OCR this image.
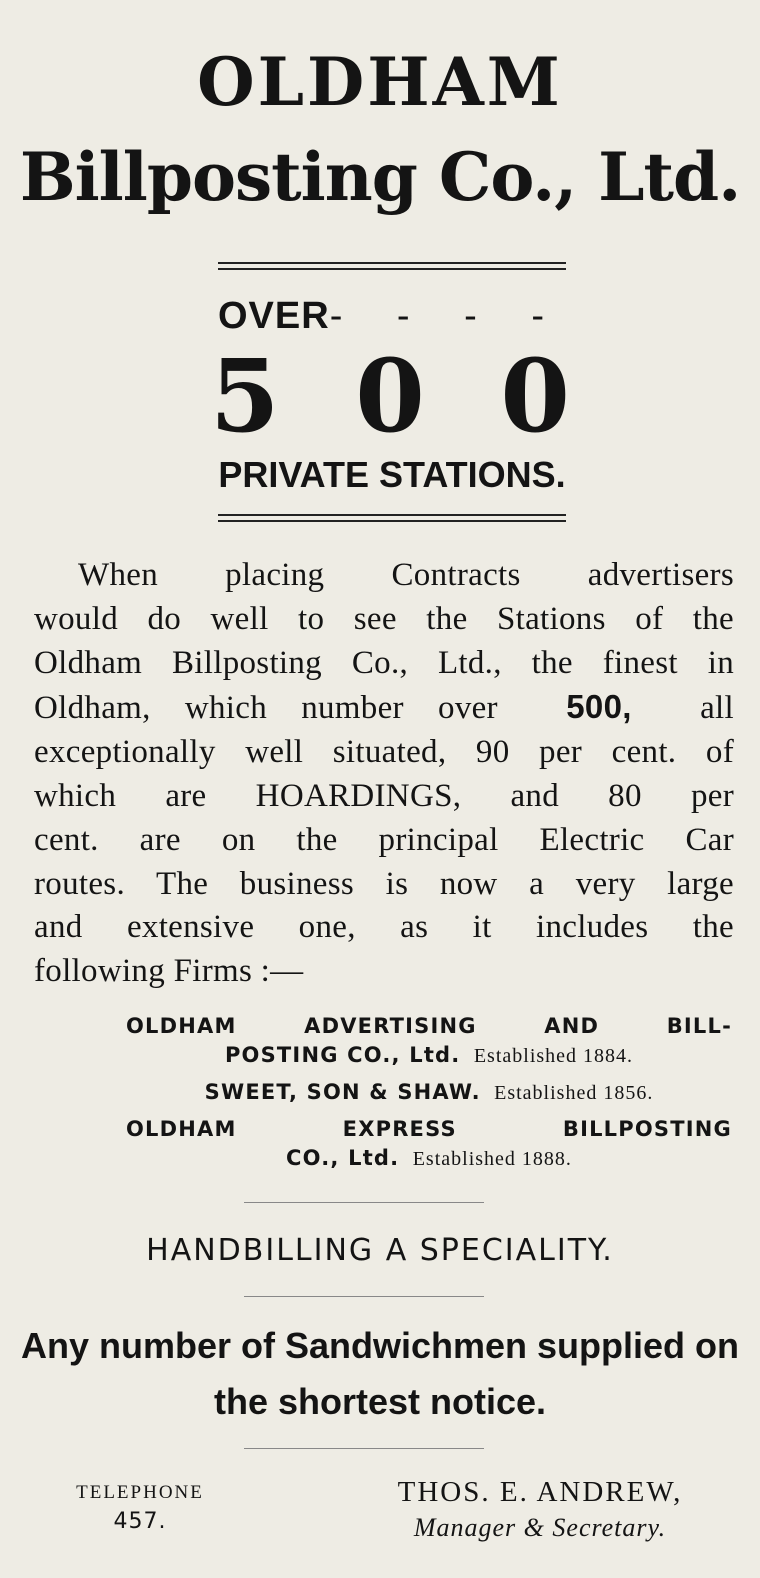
OLDHAM
Billposting Co., Ltd.
OVER - - - -
5 0 0
PRIVATE STATIONS.
When placing Contracts advertisers
would do well to see the Stations of the
Oldham Billposting Co., Ltd., the finest in
Oldham, which number over 500, all
exceptionally well situated, 90 per cent. of
which are HOARDINGS, and 80 per
cent. are on the principal Electric Car
routes. The business is now a very large
and extensive one, as it includes the
following Firms :—
OLDHAM ADVERTISING AND BILL-
POSTING CO., Ltd. Established 1884.
SWEET, SON & SHAW. Established 1856.
OLDHAM EXPRESS BILLPOSTING
CO., Ltd. Established 1888.
HANDBILLING A SPECIALITY.
Any number of Sandwichmen supplied on
the shortest notice.
TELEPHONE
457.
THOS. E. ANDREW,
Manager & Secretary.
